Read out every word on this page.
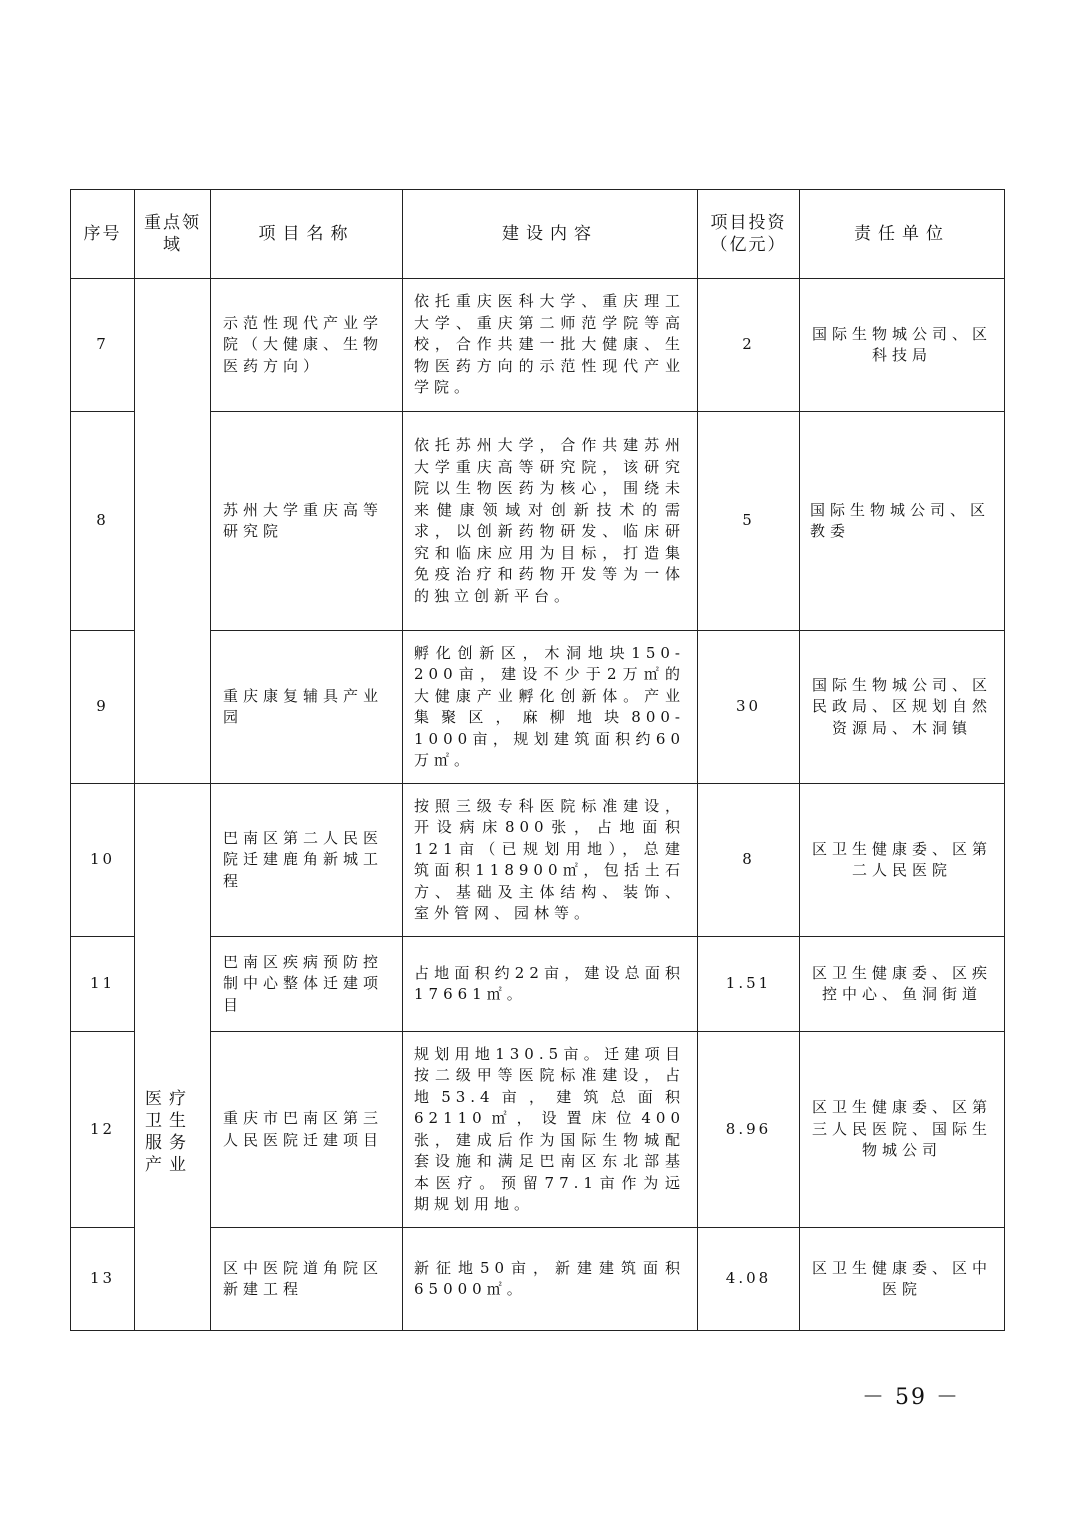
序号	重点领域	项目名称	建设内容	项目投资（亿元）	责任单位
7		示范性现代产业学院（大健康、生物医药方向）	依托重庆医科大学、重庆理工大学、重庆第二师范学院等高校，合作共建一批大健康、生物医药方向的示范性现代产业学院。	2	国际生物城公司、区科技局
8		苏州大学重庆高等研究院	依托苏州大学，合作共建苏州大学重庆高等研究院，该研究院以生物医药为核心，围绕未来健康领域对创新技术的需求，以创新药物研发、临床研究和临床应用为目标，打造集免疫治疗和药物开发等为一体的独立创新平台。	5	国际生物城公司、区教委
9		重庆康复辅具产业园	孵化创新区，木洞地块150-200亩，建设不少于2万㎡的大健康产业孵化创新体。产业集聚区，麻柳地块800-1000亩，规划建筑面积约60万㎡。	30	国际生物城公司、区民政局、区规划自然资源局、木洞镇
10	医疗卫生服务产业	巴南区第二人民医院迁建鹿角新城工程	按照三级专科医院标准建设，开设病床800张，占地面积121亩（已规划用地），总建筑面积118900㎡，包括土石方、基础及主体结构、装饰、室外管网、园林等。	8	区卫生健康委、区第二人民医院
11		巴南区疾病预防控制中心整体迁建项目	占地面积约22亩，建设总面积17661㎡。	1.51	区卫生健康委、区疾控中心、鱼洞街道
12		重庆市巴南区第三人民医院迁建项目	规划用地130.5亩。迁建项目按二级甲等医院标准建设，占地53.4亩，建筑总面积62110㎡，设置床位400张，建成后作为国际生物城配套设施和满足巴南区东北部基本医疗。预留77.1亩作为远期规划用地。	8.96	区卫生健康委、区第三人民医院、国际生物城公司
13		区中医院道角院区新建工程	新征地50亩，新建建筑面积65000㎡。	4.08	区卫生健康委、区中医院
－ 59 －
